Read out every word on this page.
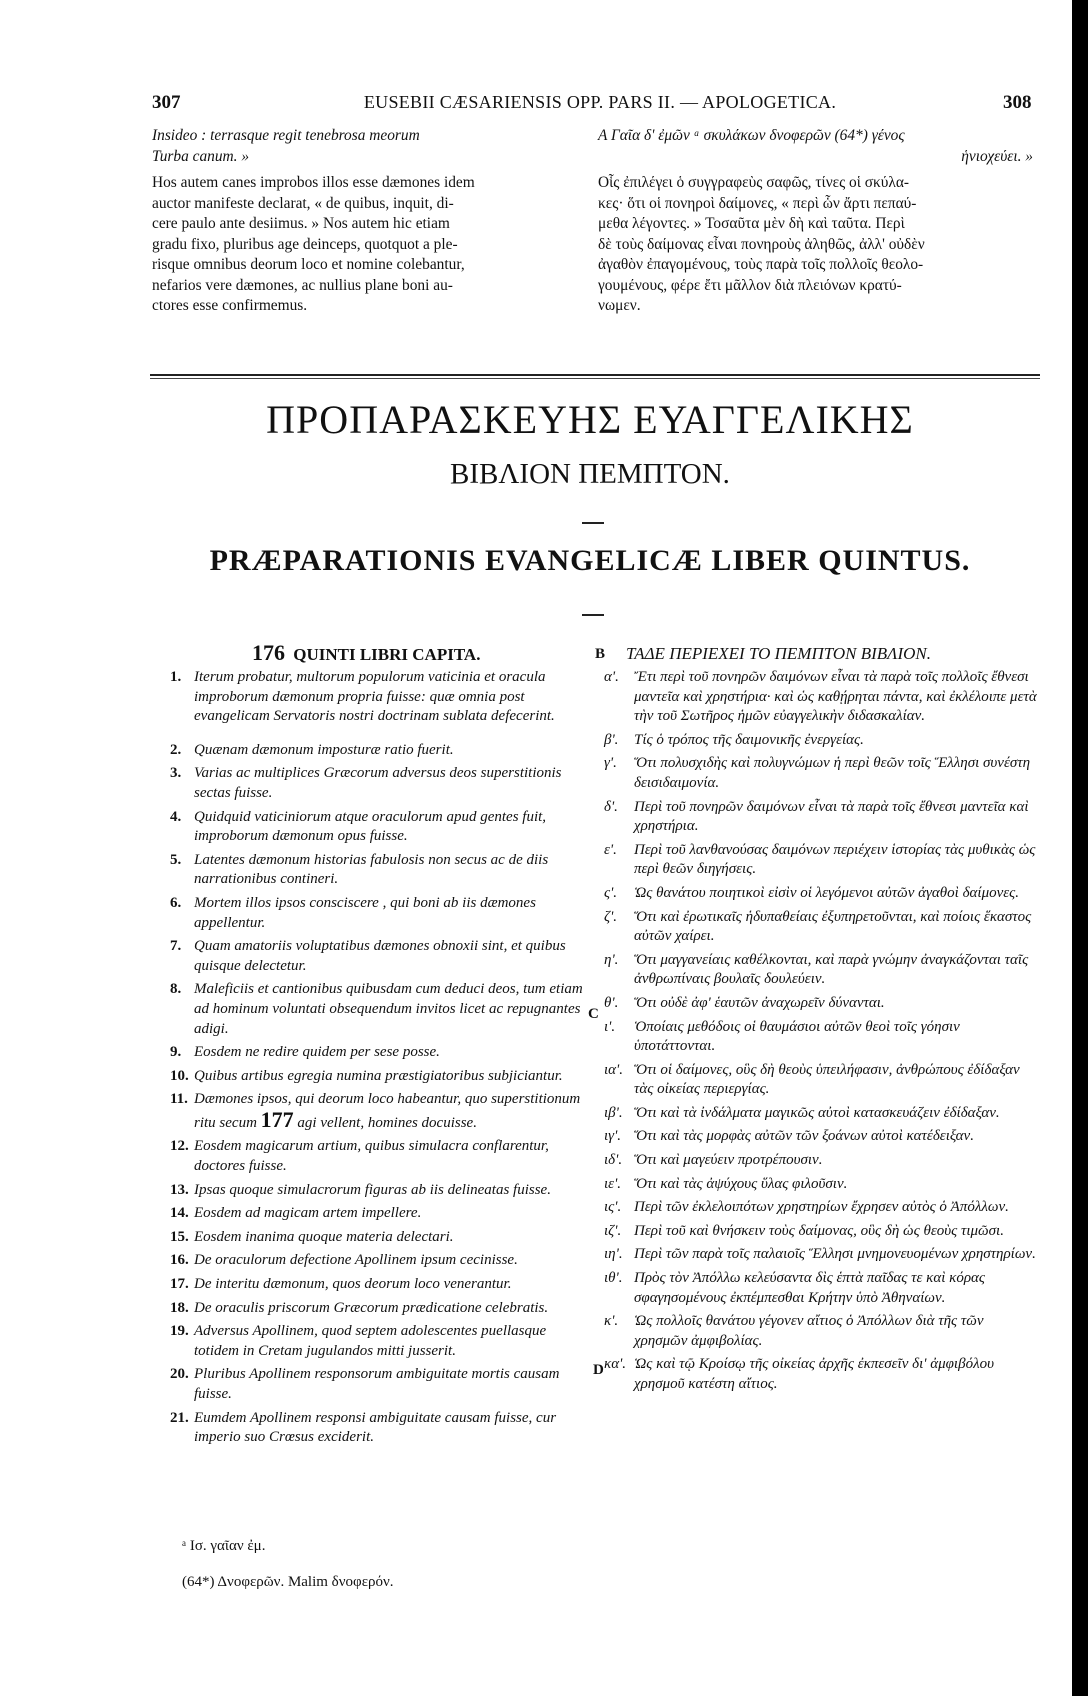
307	EUSEBII CÆSARIENSIS OPP. PARS II. — APOLOGETICA.	308

Insideo : terrasque regit tenebrosa meorum

Turba canum. »

Hos autem canes improbos illos esse dæmones idem

auctor manifeste declarat, « de quibus, inquit, di-

cere paulo ante desiimus. » Nos autem hic etiam

gradu fixo, pluribus age deinceps, quotquot a ple-

risque omnibus deorum loco et nomine colebantur,

nefarios vere dæmones, ac nullius plane boni au-

ctores esse confirmemus.

A Γαῖα δ' ἐμῶν ᵃ σκυλάκων δνοφερῶν (64*) γένος

ἡνιοχεύει. »

Οἷς ἐπιλέγει ὁ συγγραφεὺς σαφῶς, τίνες οἱ σκύλα-

κες· ὅτι οἱ πονηροὶ δαίμονες, « περὶ ὧν ἄρτι πεπαύ-

μεθα λέγοντες. » Τοσαῦτα μὲν δὴ καὶ ταῦτα. Περὶ

δὲ τοὺς δαίμονας εἶναι πονηροὺς ἀληθῶς, ἀλλ' οὐδὲν

ἀγαθὸν ἐπαγομένους, τοὺς παρὰ τοῖς πολλοῖς θεολο-

γουμένους, φέρε ἔτι μᾶλλον διὰ πλειόνων κρατύ-

νωμεν.

ΠΡΟΠΑΡΑΣΚΕΥΗΣ ΕΥΑΓΓΕΛΙΚΗΣ
ΒΙΒΛΙΟΝ ΠΕΜΠΤΟΝ.
PRÆPARATIONIS EVANGELICÆ LIBER QUINTUS.
176 QUINTI LIBRI CAPITA.	ΤΑΔΕ ΠΕΡΙΕΧΕΙ ΤΟ ΠΕΜΠΤΟΝ ΒΙΒΛΙΟΝ.
B
C
D
1. Iterum probatur, multorum populorum vaticinia et oracula improborum dæmonum propria fuisse: quæ omnia post evangelicam Servatoris nostri doctrinam sublata defecerint.
2. Quænam dæmonum imposturæ ratio fuerit.
3. Varias ac multiplices Græcorum adversus deos superstitionis sectas fuisse.
4. Quidquid vaticiniorum atque oraculorum apud gentes fuit, improborum dæmonum opus fuisse.
5. Latentes dæmonum historias fabulosis non secus ac de diis narrationibus contineri.
6. Mortem illos ipsos consciscere , qui boni ab iis dæmones appellentur.
7. Quam amatoriis voluptatibus dæmones obnoxii sint, et quibus quisque delectetur.
8. Maleficiis et cantionibus quibusdam cum deduci deos, tum etiam ad hominum voluntati obsequendum invitos licet ac repugnantes adigi.
9. Eosdem ne redire quidem per sese posse.
10. Quibus artibus egregia numina præstigiatoribus subjiciantur.
11. Dæmones ipsos, qui deorum loco habeantur, quo superstitionum ritu secum 177 agi vellent, homines docuisse.
12. Eosdem magicarum artium, quibus simulacra conflarentur, doctores fuisse.
13. Ipsas quoque simulacrorum figuras ab iis delineatas fuisse.
14. Eosdem ad magicam artem impellere.
15. Eosdem inanima quoque materia delectari.
16. De oraculorum defectione Apollinem ipsum cecinisse.
17. De interitu dæmonum, quos deorum loco venerantur.
18. De oraculis priscorum Græcorum prædicatione celebratis.
19. Adversus Apollinem, quod septem adolescentes puellasque totidem in Cretam jugulandos mitti jusserit.
20. Pluribus Apollinem responsorum ambiguitate mortis causam fuisse.
21. Eumdem Apollinem responsi ambiguitate causam fuisse, cur imperio suo Crœsus exciderit.
α'. Ἔτι περὶ τοῦ πονηρῶν δαιμόνων εἶναι τὰ παρὰ τοῖς πολλοῖς ἔθνεσι μαντεῖα καὶ χρηστήρια· καὶ ὡς καθῄρηται πάντα, καὶ ἐκλέλοιπε μετὰ τὴν τοῦ Σωτῆρος ἡμῶν εὐαγγελικὴν διδασκαλίαν.
β'. Τίς ὁ τρόπος τῆς δαιμονικῆς ἐνεργείας.
γ'. Ὅτι πολυσχιδὴς καὶ πολυγνώμων ἡ περὶ θεῶν τοῖς Ἕλλησι συνέστη δεισιδαιμονία.
δ'. Περὶ τοῦ πονηρῶν δαιμόνων εἶναι τὰ παρὰ τοῖς ἔθνεσι μαντεῖα καὶ χρηστήρια.
ε'. Περὶ τοῦ λανθανούσας δαιμόνων περιέχειν ἱστορίας τὰς μυθικὰς ὡς περὶ θεῶν διηγήσεις.
ς'. Ὡς θανάτου ποιητικοὶ εἰσὶν οἱ λεγόμενοι αὐτῶν ἀγαθοὶ δαίμονες.
ζ'. Ὅτι καὶ ἐρωτικαῖς ἡδυπαθείαις ἐξυπηρετοῦνται, καὶ ποίοις ἕκαστος αὐτῶν χαίρει.
η'. Ὅτι μαγγανείαις καθέλκονται, καὶ παρὰ γνώμην ἀναγκάζονται ταῖς ἀνθρωπίναις βουλαῖς δουλεύειν.
θ'. Ὅτι οὐδὲ ἀφ' ἑαυτῶν ἀναχωρεῖν δύνανται.
ι'. Ὁποίαις μεθόδοις οἱ θαυμάσιοι αὐτῶν θεοὶ τοῖς γόησιν ὑποτάττονται.
ια'. Ὅτι οἱ δαίμονες, οὓς δὴ θεοὺς ὑπειλήφασιν, ἀνθρώπους ἐδίδαξαν τὰς οἰκείας περιεργίας.
ιβ'. Ὅτι καὶ τὰ ἰνδάλματα μαγικῶς αὐτοὶ κατασκευάζειν ἐδίδαξαν.
ιγ'. Ὅτι καὶ τὰς μορφὰς αὐτῶν τῶν ξοάνων αὐτοὶ κατέδειξαν.
ιδ'. Ὅτι καὶ μαγεύειν προτρέπουσιν.
ιε'. Ὅτι καὶ τὰς ἀψύχους ὕλας φιλοῦσιν.
ις'. Περὶ τῶν ἐκλελοιπότων χρηστηρίων ἔχρησεν αὐτὸς ὁ Ἀπόλλων.
ιζ'. Περὶ τοῦ καὶ θνήσκειν τοὺς δαίμονας, οὓς δὴ ὡς θεοὺς τιμῶσι.
ιη'. Περὶ τῶν παρὰ τοῖς παλαιοῖς Ἕλλησι μνημονευομένων χρηστηρίων.
ιθ'. Πρὸς τὸν Ἀπόλλω κελεύσαντα δὶς ἑπτὰ παῖδας τε καὶ κόρας σφαγησομένους ἐκπέμπεσθαι Κρήτην ὑπὸ Ἀθηναίων.
κ'. Ὡς πολλοῖς θανάτου γέγονεν αἴτιος ὁ Ἀπόλλων διὰ τῆς τῶν χρησμῶν ἀμφιβολίας.
κα'. Ὡς καὶ τῷ Κροίσῳ τῆς οἰκείας ἀρχῆς ἐκπεσεῖν δι' ἀμφιβόλου χρησμοῦ κατέστη αἴτιος.
ᵃ Ισ. γαῖαν ἐμ.
(64*) Δνοφερῶν. Malim δνοφερόν.
